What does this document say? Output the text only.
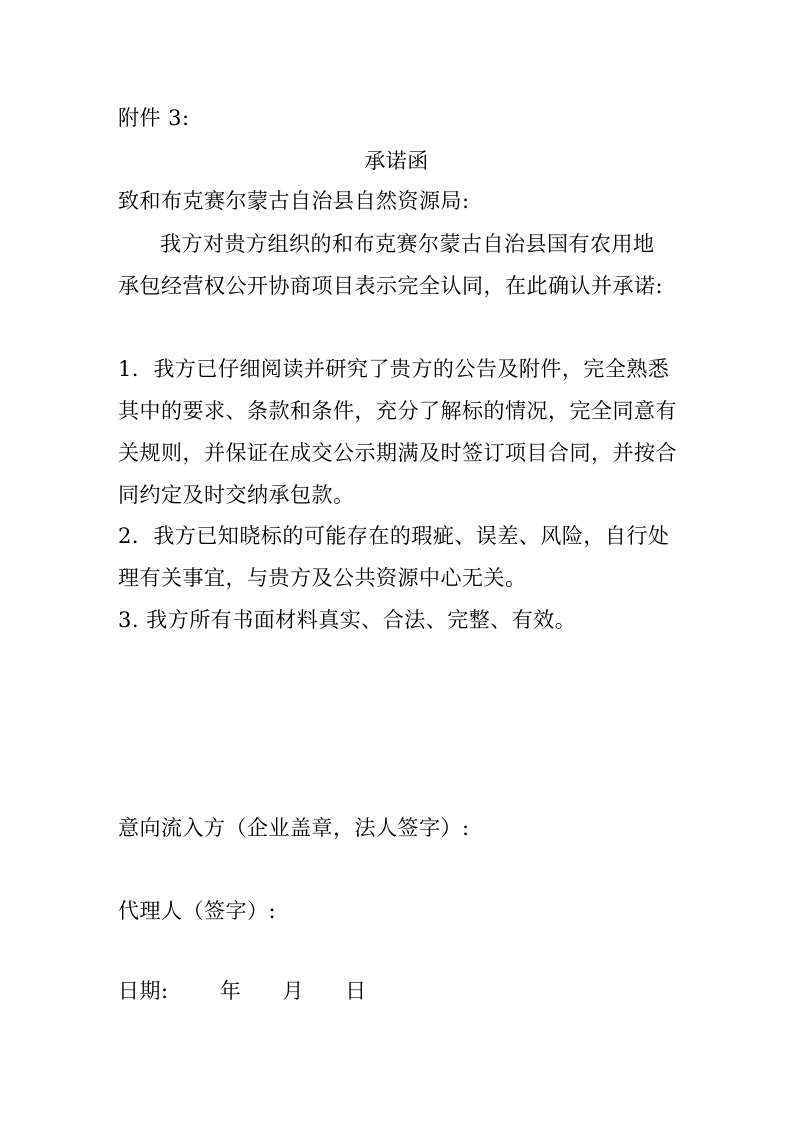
附件 3:
承诺函
致和布克赛尔蒙古自治县自然资源局:
我方对贵方组织的和布克赛尔蒙古自治县国有农用地
承包经营权公开协商项目表示完全认同，在此确认并承诺:
1．我方已仔细阅读并研究了贵方的公告及附件，完全熟悉
其中的要求、条款和条件，充分了解标的情况，完全同意有
关规则，并保证在成交公示期满及时签订项目合同，并按合
同约定及时交纳承包款。
2．我方已知晓标的可能存在的瑕疵、误差、风险，自行处
理有关事宜，与贵方及公共资源中心无关。
3. 我方所有书面材料真实、合法、完整、有效。
意向流入方（企业盖章，法人签字）:
代理人（签字）:
日期: 年 月 日
